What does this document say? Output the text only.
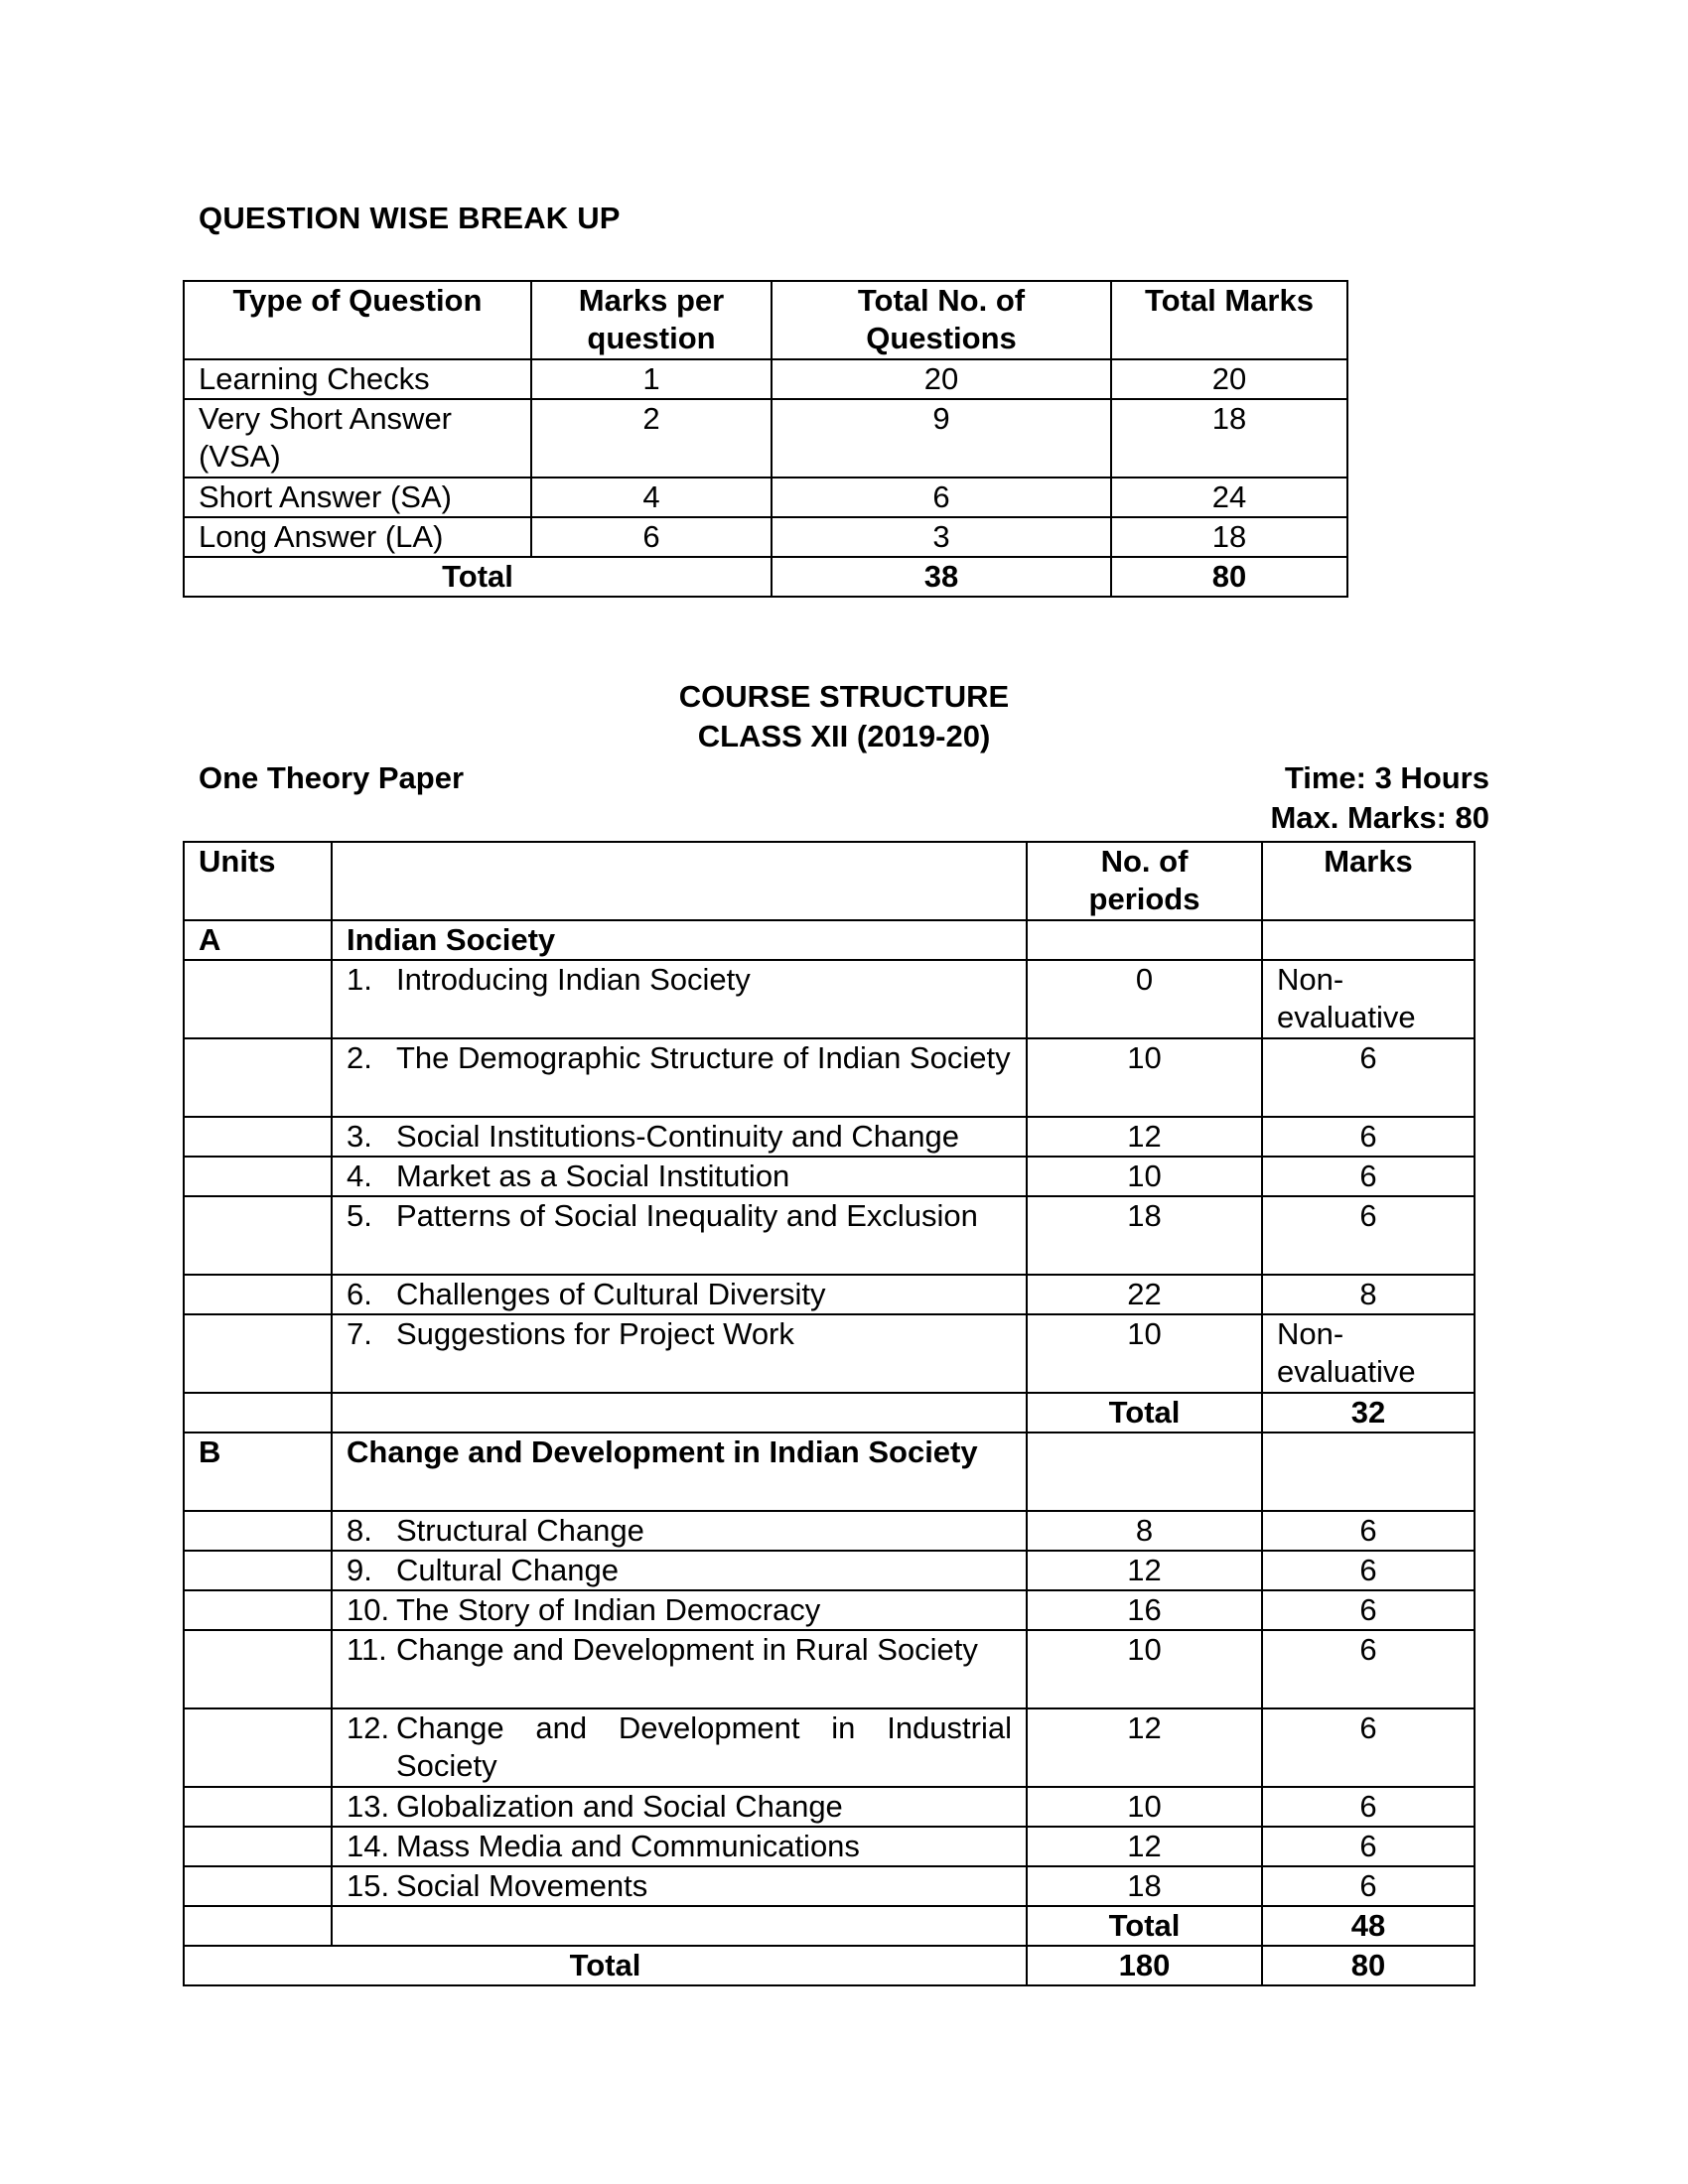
QUESTION WISE BREAK UP
Type of Question	Marks per question	Total No. of Questions	Total Marks
Learning Checks	1	20	20
Very Short Answer (VSA)	2	9	18
Short Answer (SA)	4	6	24
Long Answer (LA)	6	3	18
Total		38	80
COURSE STRUCTURE
CLASS XII (2019-20)
One Theory Paper	Time: 3 Hours
Max. Marks: 80
Units		No. of periods	Marks
A	Indian Society		

	1. Introducing Indian Society	0	Non-evaluative

	2. The Demographic Structure of Indian Society	10	6

	3. Social Institutions-Continuity and Change	12	6

	4. Market as a Social Institution	10	6

	5. Patterns of Social Inequality and Exclusion	18	6

	6. Challenges of Cultural Diversity	22	8

	7. Suggestions for Project Work	10	Non-evaluative
		Total	32
B	Change and Development in Indian Society		

	8. Structural Change	8	6

	9. Cultural Change	12	6

	10. The Story of Indian Democracy	16	6

	11. Change and Development in Rural Society	10	6

	12. Change and Development in Industrial Society	12	6

	13. Globalization and Social Change	10	6

	14. Mass Media and Communications	12	6

	15. Social Movements	18	6
		Total	48
Total		180	80
